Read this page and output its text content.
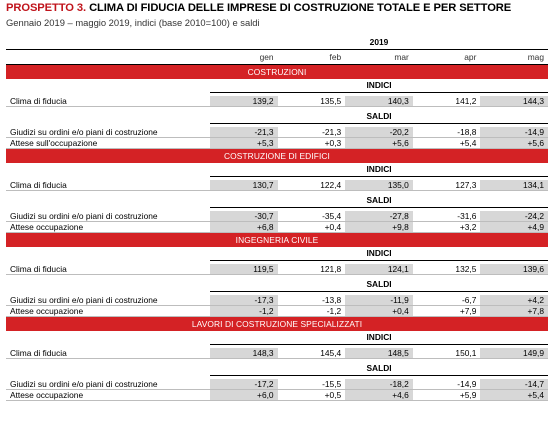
PROSPETTO 3. CLIMA DI FIDUCIA DELLE IMPRESE DI COSTRUZIONE TOTALE E PER SETTORE
Gennaio 2019 – maggio 2019, indici (base 2010=100) e saldi
	2019				
	gen	feb	mar	apr	mag
COSTRUZIONI					
	INDICI				

Clima di fiducia	139,2	135,5	140,3	141,2	144,3

	SALDI				

Giudizi su ordini e/o piani di costruzione	-21,3	-21,3	-20,2	-18,8	-14,9
Attese sull'occupazione	+5,3	+0,3	+5,6	+5,4	+5,6
COSTRUZIONE DI EDIFICI					
	INDICI				

Clima di fiducia	130,7	122,4	135,0	127,3	134,1

	SALDI				

Giudizi su ordini e/o piani di costruzione	-30,7	-35,4	-27,8	-31,6	-24,2
Attese occupazione	+6,8	+0,4	+9,8	+3,2	+4,9
INGEGNERIA CIVILE					
	INDICI				

Clima di fiducia	119,5	121,8	124,1	132,5	139,6

	SALDI				

Giudizi su ordini e/o piani di costruzione	-17,3	-13,8	-11,9	-6,7	+4,2
Attese occupazione	-1,2	-1,2	+0,4	+7,9	+7,8
LAVORI DI COSTRUZIONE SPECIALIZZATI					
	INDICI				

Clima di fiducia	148,3	145,4	148,5	150,1	149,9

	SALDI				

Giudizi su ordini e/o piani di costruzione	-17,2	-15,5	-18,2	-14,9	-14,7
Attese occupazione	+6,0	+0,5	+4,6	+5,9	+5,4
